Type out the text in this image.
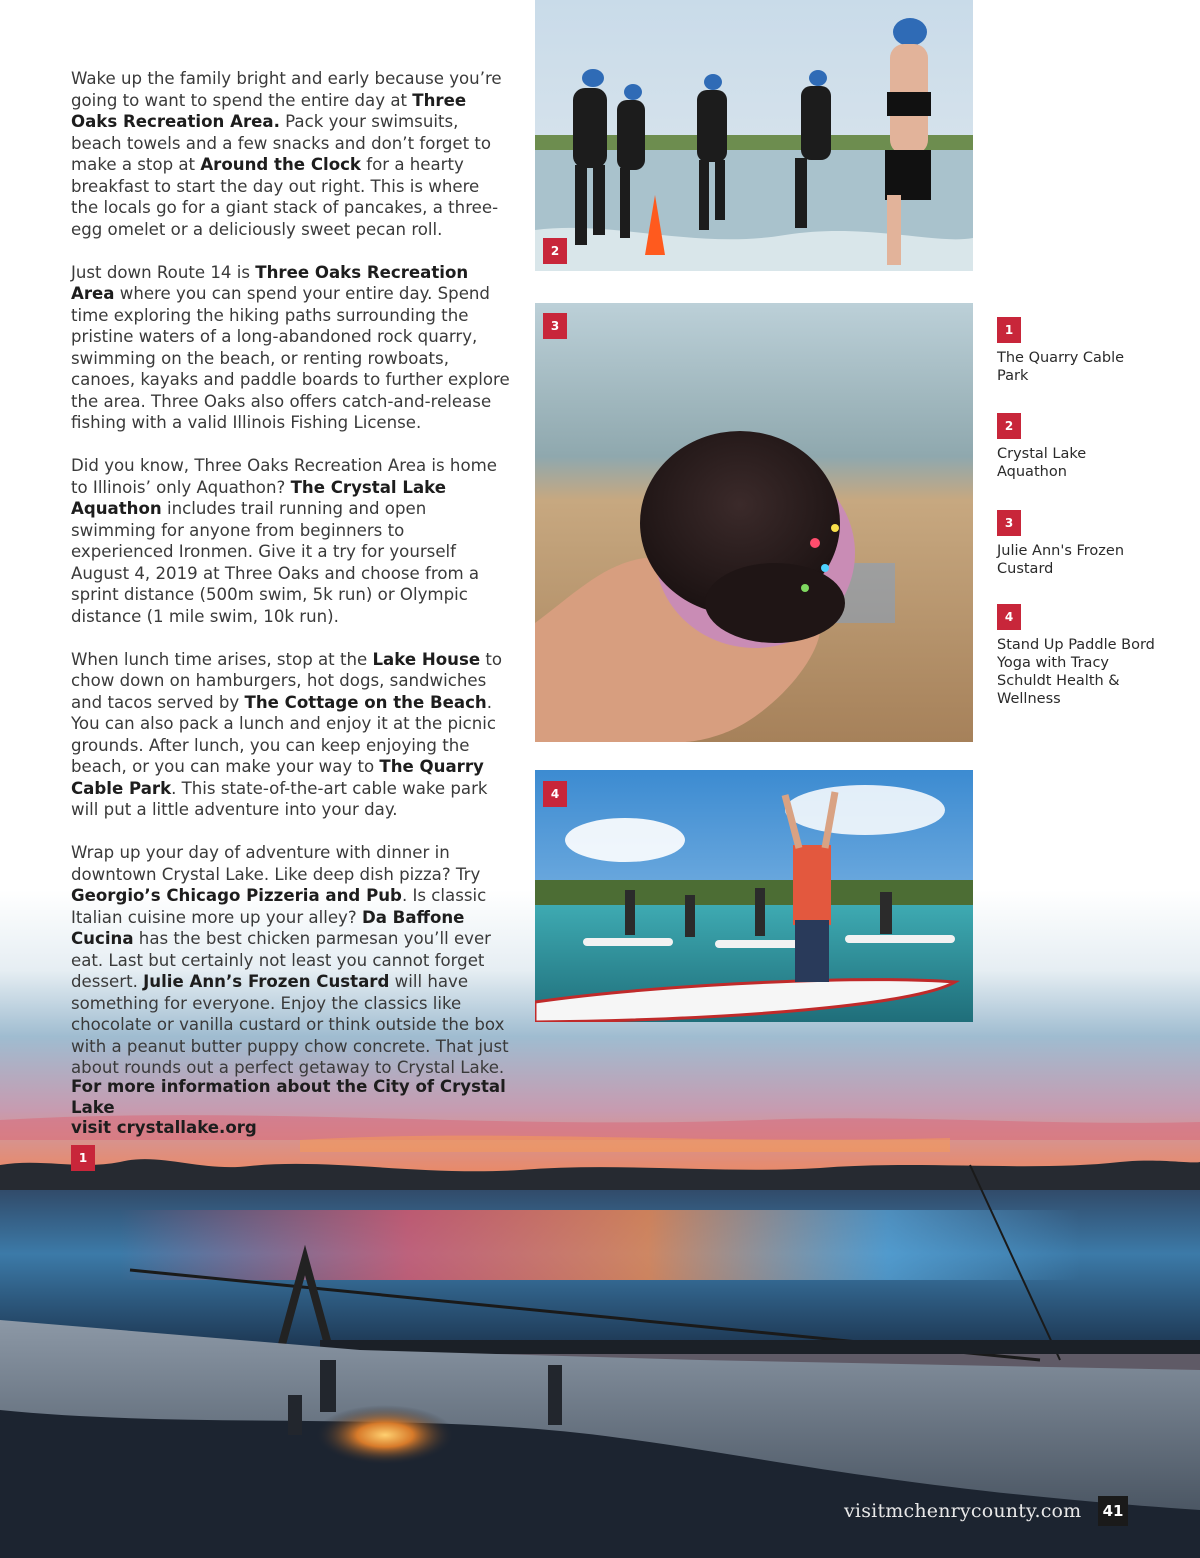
2
3
4

Wake up the family bright and early because you’re going to want to spend the entire day at Three Oaks Recreation Area. Pack your swimsuits, beach towels and a few snacks and don’t forget to make a stop at Around the Clock for a hearty breakfast to start the day out right. This is where the locals go for a giant stack of pancakes, a three-egg omelet or a deliciously sweet pecan roll.

Just down Route 14 is Three Oaks Recreation Area where you can spend your entire day. Spend time exploring the hiking paths surrounding the pristine waters of a long-abandoned rock quarry, swimming on the beach, or renting rowboats, canoes, kayaks and paddle boards to further explore the area. Three Oaks also offers catch-and-release fishing with a valid Illinois Fishing License.

Did you know, Three Oaks Recreation Area is home to Illinois’ only Aquathon? The Crystal Lake Aquathon includes trail running and open swimming for anyone from beginners to experienced Ironmen. Give it a try for yourself August 4, 2019 at Three Oaks and choose from a sprint distance (500m swim, 5k run) or Olympic distance (1 mile swim, 10k run).

When lunch time arises, stop at the Lake House to chow down on hamburgers, hot dogs, sandwiches and tacos served by The Cottage on the Beach. You can also pack a lunch and enjoy it at the picnic grounds. After lunch, you can keep enjoying the beach, or you can make your way to The Quarry Cable Park. This state-of-the-art cable wake park will put a little adventure into your day.

Wrap up your day of adventure with dinner in downtown Crystal Lake. Like deep dish pizza? Try Georgio’s Chicago Pizzeria and Pub. Is classic Italian cuisine more up your alley? Da Baffone Cucina has the best chicken parmesan you’ll ever eat. Last but certainly not least you cannot forget dessert. Julie Ann’s Frozen Custard will have something for everyone. Enjoy the classics like chocolate or vanilla custard or think outside the box with a peanut butter puppy chow concrete. That just about rounds out a perfect getaway to Crystal Lake.

For more information about the City of Crystal Lake
visit crystallake.org
1
1
The Quarry Cable Park
2
Crystal Lake Aquathon
3
Julie Ann's Frozen Custard
4
Stand Up Paddle Bord Yoga with Tracy Schuldt Health & Wellness
visitmchenrycounty.com	41
